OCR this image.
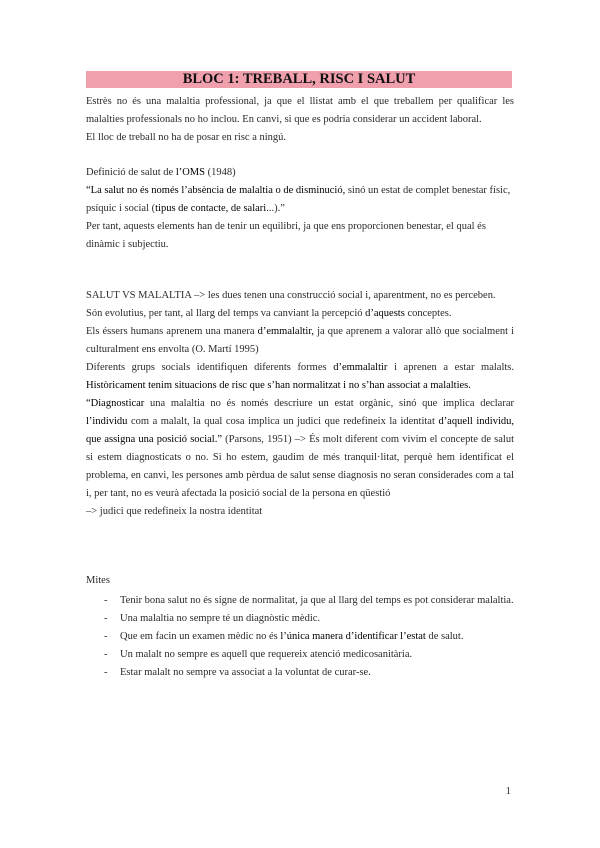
BLOC 1: TREBALL, RISC I SALUT

Estrès no és una malaltia professional, ja que el llistat amb el que treballem per qualificar les malalties professionals no ho inclou. En canvi, si que es podria considerar un accident laboral.

El lloc de treball no ha de posar en risc a ningú.

Definició de salut de l’OMS (1948)

“La salut no és només l’absència de malaltia o de disminució, sinó un estat de complet benestar físic, psíquic i social (tipus de contacte, de salari...).”

Per tant, aquests elements han de tenir un equilibri, ja que ens proporcionen benestar, el qual és dinàmic i subjectiu.

SALUT VS MALALTIA –> les dues tenen una construcció social i, aparentment, no es perceben. Són evolutius, per tant, al llarg del temps va canviant la percepció d’aquests conceptes.

Els éssers humans aprenem una manera d’emmalaltir, ja que aprenem a valorar allò que socialment i culturalment ens envolta (O. Martí 1995)

Diferents grups socials identifiquen diferents formes d’emmalaltir i aprenen a estar malalts. Històricament tenim situacions de risc que s’han normalitzat i no s’han associat a malalties.

“Diagnosticar una malaltia no és només descriure un estat orgànic, sinó que implica declarar l’individu com a malalt, la qual cosa implica un judici que redefineix la identitat d’aquell individu, que assigna una posició social.” (Parsons, 1951) –> És molt diferent com vivim el concepte de salut si estem diagnosticats o no. Si ho estem, gaudim de més tranquil·litat, perquè hem identificat el problema, en canvi, les persones amb pèrdua de salut sense diagnosis no seran considerades com a tal i, per tant, no es veurà afectada la posició social de la persona en qüestió

–> judici que redefineix la nostra identitat

Mites
- Tenir bona salut no és signe de normalitat, ja que al llarg del temps es pot considerar malaltia.
- Una malaltia no sempre té un diagnòstic mèdic.
- Que em facin un examen mèdic no és l’única manera d’identificar l’estat de salut.
- Un malalt no sempre es aquell que requereix atenció medicosanitària.
- Estar malalt no sempre va associat a la voluntat de curar-se.
1
